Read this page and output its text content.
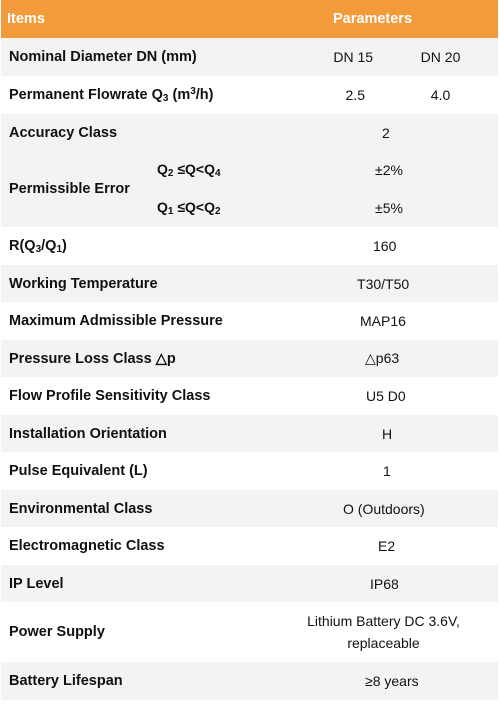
Items		Parameters	
Nominal Diameter DN (mm)		DN 15	DN 20
Permanent Flowrate $Q_3$ $(m^3/h)$		2.5	4.0
Accuracy Class		2	
Permissible Error	$Q_2 \le Q<Q_4$	±2%	
	$Q_1 \le Q<Q_2$	±5%	
$R(Q_3/Q_1)$		160	
Working Temperature		T30/T50	
Maximum Admissible Pressure		MAP16	
Pressure Loss Class △p		△p63	
Flow Profile Sensitivity Class		U5 D0	
Installation Orientation		H	
Pulse Equivalent (L)		1	
Environmental Class		O (Outdoors)	
Electromagnetic Class		E2	
IP Level		IP68	
Power Supply		Lithium Battery DC 3.6V,
replaceable	

Battery Lifespan		≥8 years	
